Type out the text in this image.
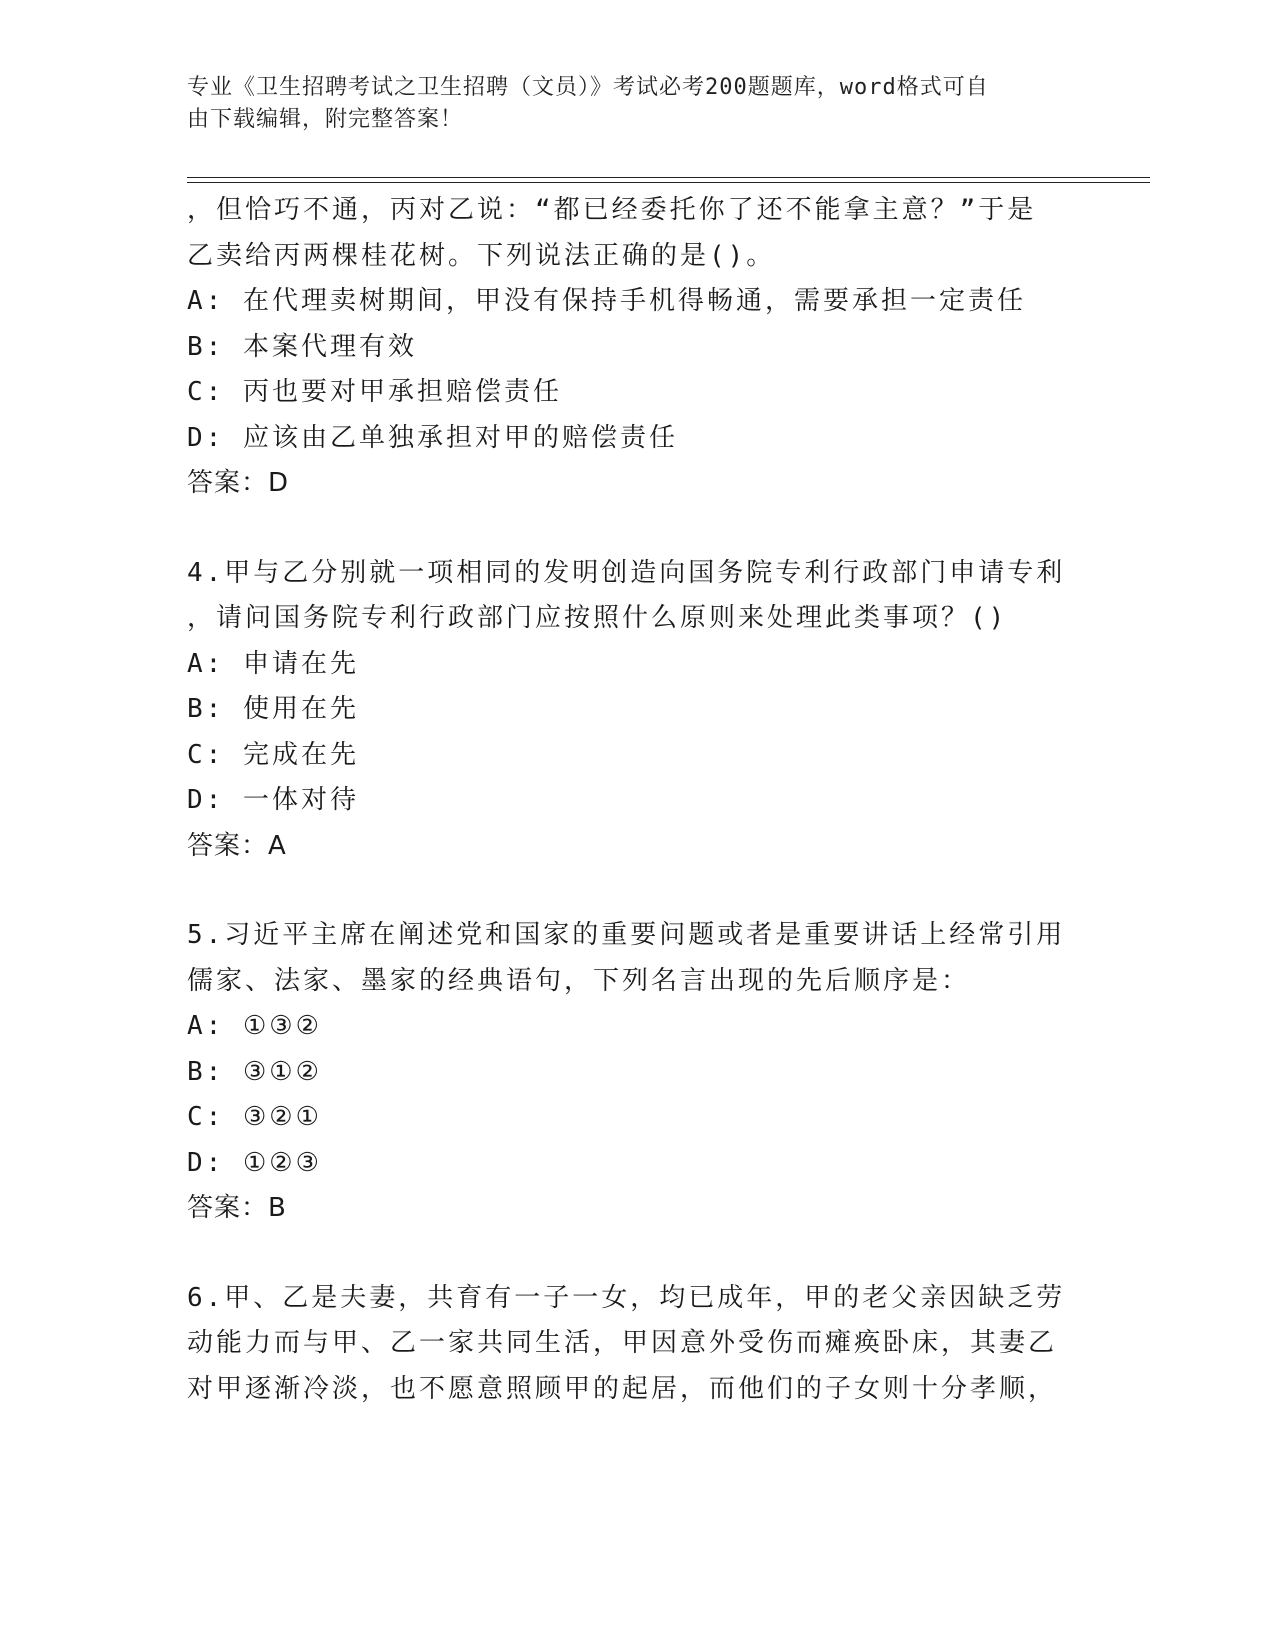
专业《卫生招聘考试之卫生招聘（文员）》考试必考200题题库，word格式可自
由下载编辑，附完整答案！
，但恰巧不通，丙对乙说：“都已经委托你了还不能拿主意？”于是
乙卖给丙两棵桂花树。下列说法正确的是()。
A: 在代理卖树期间，甲没有保持手机得畅通，需要承担一定责任
B: 本案代理有效
C: 丙也要对甲承担赔偿责任
D: 应该由乙单独承担对甲的赔偿责任
答案：D
4.甲与乙分别就一项相同的发明创造向国务院专利行政部门申请专利
，请问国务院专利行政部门应按照什么原则来处理此类事项？()
A: 申请在先
B: 使用在先
C: 完成在先
D: 一体对待
答案：A
5.习近平主席在阐述党和国家的重要问题或者是重要讲话上经常引用
儒家、法家、墨家的经典语句，下列名言出现的先后顺序是：
A: ①③②
B: ③①②
C: ③②①
D: ①②③
答案：B
6.甲、乙是夫妻，共育有一子一女，均已成年，甲的老父亲因缺乏劳
动能力而与甲、乙一家共同生活，甲因意外受伤而瘫痪卧床，其妻乙
对甲逐渐冷淡，也不愿意照顾甲的起居，而他们的子女则十分孝顺，
